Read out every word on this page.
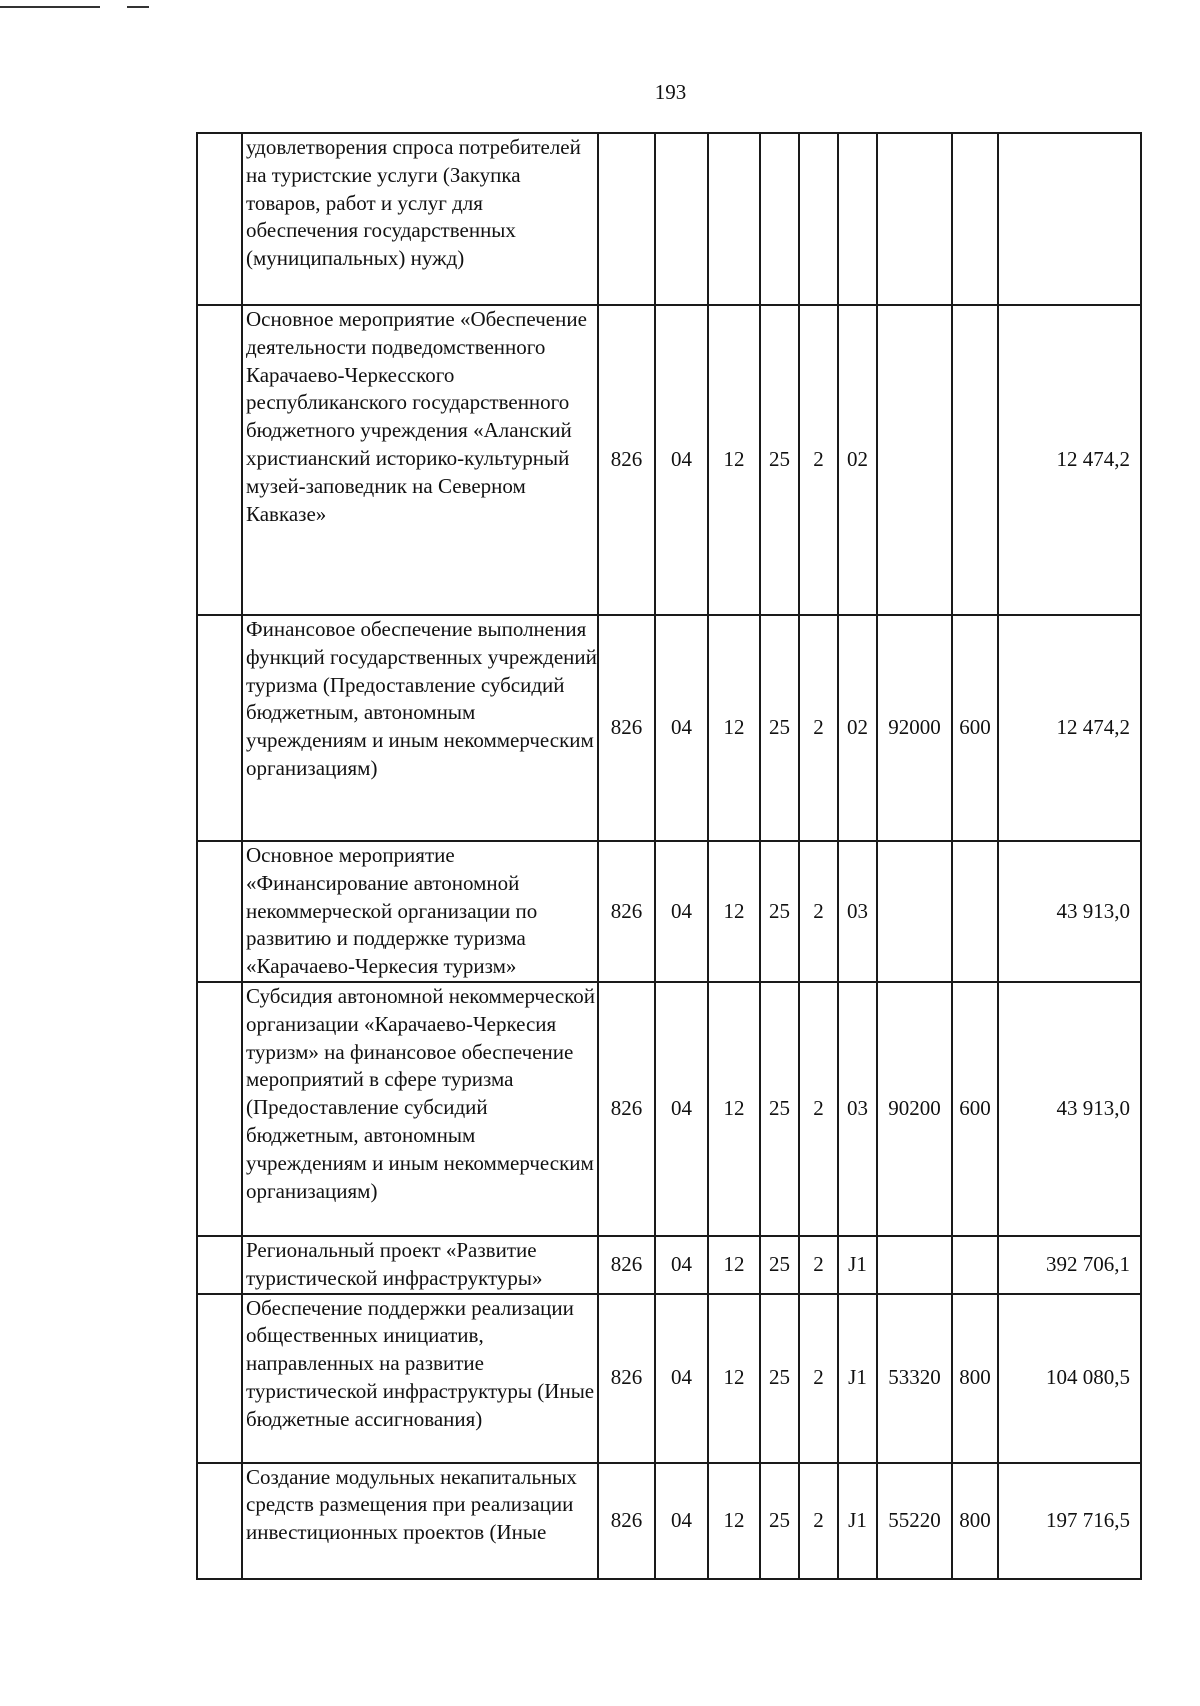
193
	удовлетворения спроса потребителей на туристские услуги (Закупка товаров, работ и услуг для обеспечения государственных (муниципальных) нужд)									
	Основное мероприятие «Обеспечение деятельности подведомственного Карачаево-Черкесского республиканского государственного бюджетного учреждения «Аланский христианский историко-культурный музей-заповедник на Северном Кавказе»	826	04	12	25	2	02			12 474,2
	Финансовое обеспечение выполнения функций государственных учреждений туризма (Предоставление субсидий бюджетным, автономным учреждениям и иным некоммерческим организациям)	826	04	12	25	2	02	92000	600	12 474,2
	Основное мероприятие «Финансирование автономной некоммерческой организации по развитию и поддержке туризма «Карачаево-Черкесия туризм»	826	04	12	25	2	03			43 913,0
	Субсидия автономной некоммерческой организации «Карачаево-Черкесия туризм» на финансовое обеспечение мероприятий в сфере туризма (Предоставление субсидий бюджетным, автономным учреждениям и иным некоммерческим организациям)	826	04	12	25	2	03	90200	600	43 913,0
	Региональный проект «Развитие туристической инфраструктуры»	826	04	12	25	2	J1			392 706,1
	Обеспечение поддержки реализации общественных инициатив, направленных на развитие туристической инфраструктуры (Иные бюджетные ассигнования)	826	04	12	25	2	J1	53320	800	104 080,5
	Создание модульных некапитальных средств размещения при реализации инвестиционных проектов (Иные	826	04	12	25	2	J1	55220	800	197 716,5
